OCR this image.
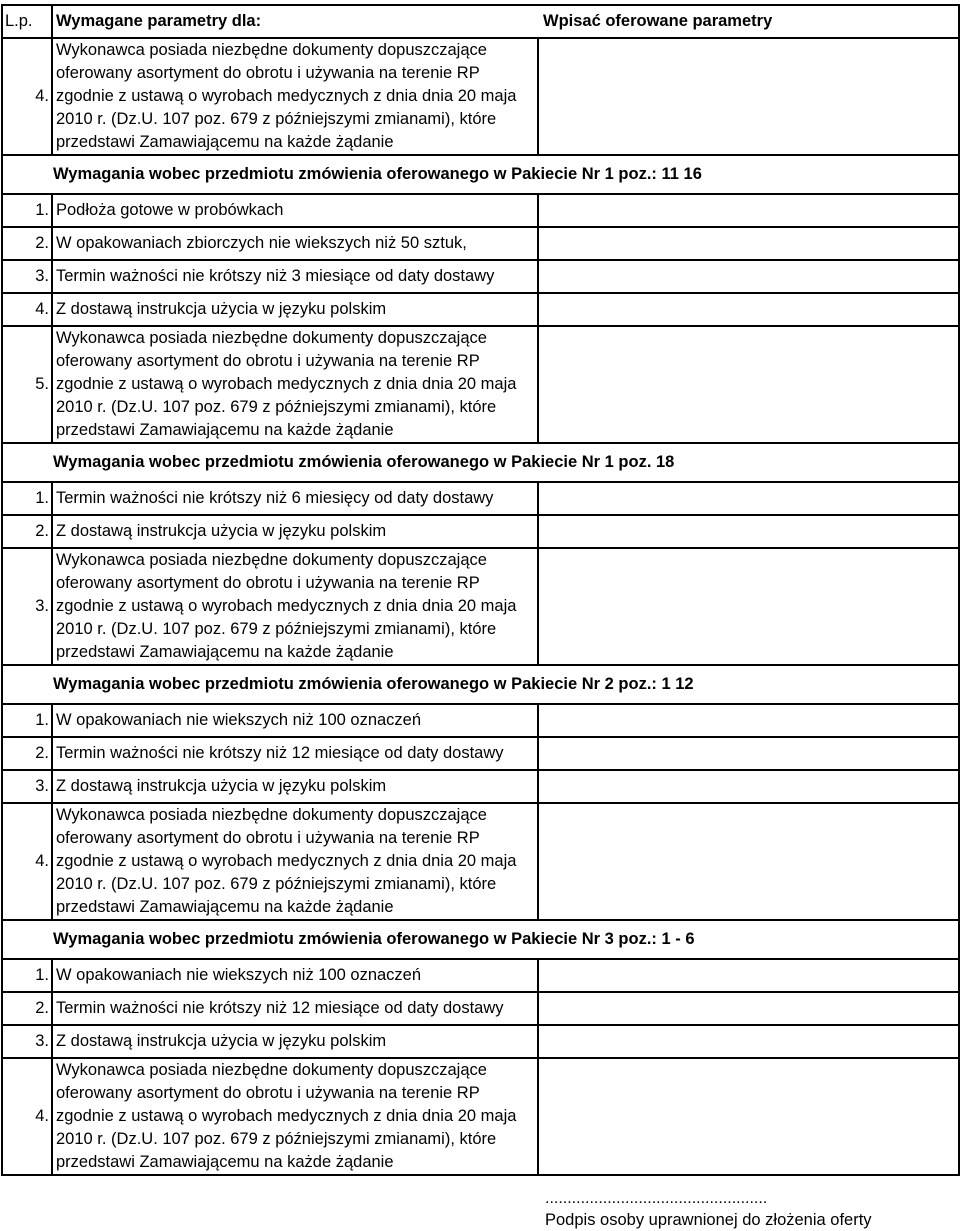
L.p.	Wymagane parametry dla:	Wpisać oferowane parametry
4.	Wykonawca posiada niezbędne dokumenty dopuszczające
oferowany asortyment do obrotu i używania na terenie RP
zgodnie z ustawą o wyrobach medycznych z dnia dnia 20 maja
2010 r. (Dz.U. 107 poz. 679 z późniejszymi zmianami), które
przedstawi Zamawiającemu na każde żądanie	

Wymagania wobec przedmiotu zmówienia oferowanego w Pakiecie Nr 1 poz.: 11 16		
1.	Podłoża gotowe w probówkach	
2.	W opakowaniach zbiorczych nie wiekszych niż 50 sztuk,	
3.	Termin ważności nie krótszy niż 3 miesiące od daty dostawy	
4.	Z dostawą instrukcja użycia w języku polskim	
5.	Wykonawca posiada niezbędne dokumenty dopuszczające
oferowany asortyment do obrotu i używania na terenie RP
zgodnie z ustawą o wyrobach medycznych z dnia dnia 20 maja
2010 r. (Dz.U. 107 poz. 679 z późniejszymi zmianami), które
przedstawi Zamawiającemu na każde żądanie	

Wymagania wobec przedmiotu zmówienia oferowanego w Pakiecie Nr 1 poz. 18		
1.	Termin ważności nie krótszy niż 6 miesięcy od daty dostawy	
2.	Z dostawą instrukcja użycia w języku polskim	
3.	Wykonawca posiada niezbędne dokumenty dopuszczające
oferowany asortyment do obrotu i używania na terenie RP
zgodnie z ustawą o wyrobach medycznych z dnia dnia 20 maja
2010 r. (Dz.U. 107 poz. 679 z późniejszymi zmianami), które
przedstawi Zamawiającemu na każde żądanie	

Wymagania wobec przedmiotu zmówienia oferowanego w Pakiecie Nr 2 poz.: 1 12		
1.	W opakowaniach nie wiekszych niż 100 oznaczeń	
2.	Termin ważności nie krótszy niż 12 miesiące od daty dostawy	
3.	Z dostawą instrukcja użycia w języku polskim	
4.	Wykonawca posiada niezbędne dokumenty dopuszczające
oferowany asortyment do obrotu i używania na terenie RP
zgodnie z ustawą o wyrobach medycznych z dnia dnia 20 maja
2010 r. (Dz.U. 107 poz. 679 z późniejszymi zmianami), które
przedstawi Zamawiającemu na każde żądanie	

Wymagania wobec przedmiotu zmówienia oferowanego w Pakiecie Nr 3 poz.: 1 - 6		
1.	W opakowaniach nie wiekszych niż 100 oznaczeń	
2.	Termin ważności nie krótszy niż 12 miesiące od daty dostawy	
3.	Z dostawą instrukcja użycia w języku polskim	
4.	Wykonawca posiada niezbędne dokumenty dopuszczające
oferowany asortyment do obrotu i używania na terenie RP
zgodnie z ustawą o wyrobach medycznych z dnia dnia 20 maja
2010 r. (Dz.U. 107 poz. 679 z późniejszymi zmianami), które
przedstawi Zamawiającemu na każde żądanie	

..................................................
Podpis osoby uprawnionej do złożenia oferty
